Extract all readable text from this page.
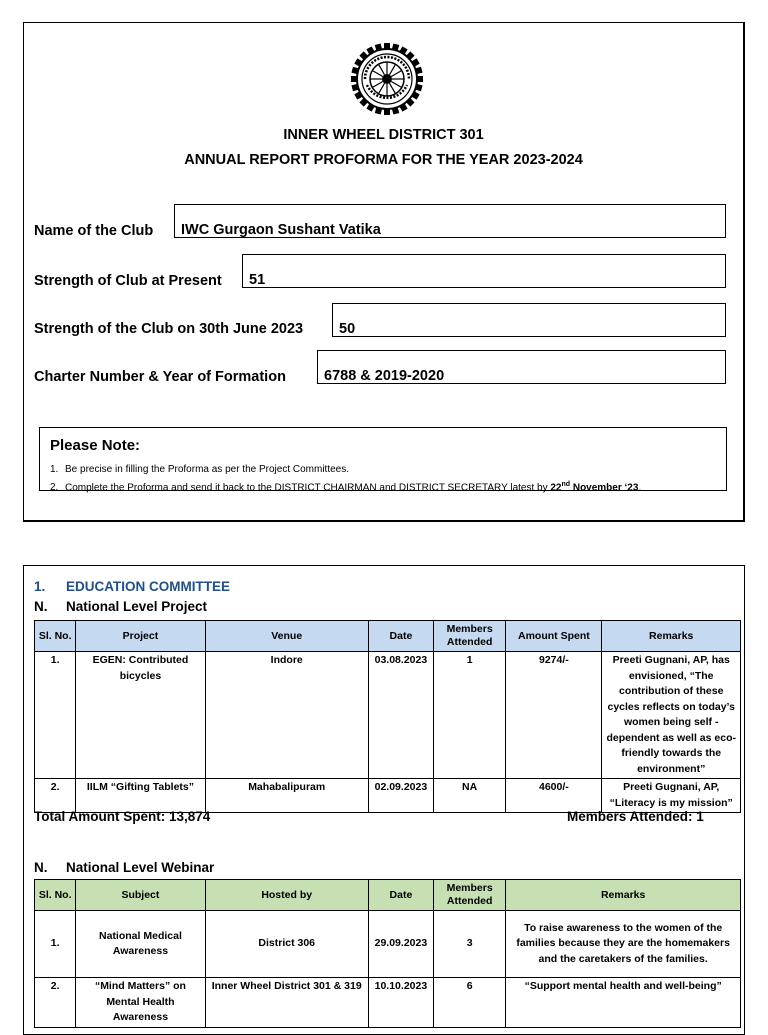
INNER WHEEL DISTRICT 301
ANNUAL REPORT PROFORMA FOR THE YEAR 2023-2024
Name of the Club IWC Gurgaon Sushant Vatika
Strength of Club at Present 51
Strength of the Club on 30th June 2023 50
Charter Number & Year of Formation	6788 & 2019-2020
Please Note:
1. Be precise in filling the Proforma as per the Project Committees.
2. Complete the Proforma and send it back to the DISTRICT CHAIRMAN and DISTRICT SECRETARY latest by 22nd November ‘23.
1. EDUCATION COMMITTEE
N. National Level Project
Sl. No.	Project	Venue	Date	Members Attended	Amount Spent	Remarks
1.	EGEN: Contributed bicycles	Indore	03.08.2023	1	9274/-	Preeti Gugnani, AP, has envisioned, “The contribution of these cycles reflects on today’s women being self -dependent as well as eco-friendly towards the environment”
2.	IILM “Gifting Tablets”	Mahabalipuram	02.09.2023	NA	4600/-	Preeti Gugnani, AP, “Literacy is my mission”
Total Amount Spent: 13,874	Members Attended: 1
N. National Level Webinar
Sl. No.	Subject	Hosted by	Date	Members Attended	Remarks
1.	National Medical Awareness	District 306	29.09.2023	3	To raise awareness to the women of the families because they are the homemakers and the caretakers of the families.
2.	“Mind Matters” on Mental Health Awareness	Inner Wheel District 301 & 319	10.10.2023	6	“Support mental health and well-being”
